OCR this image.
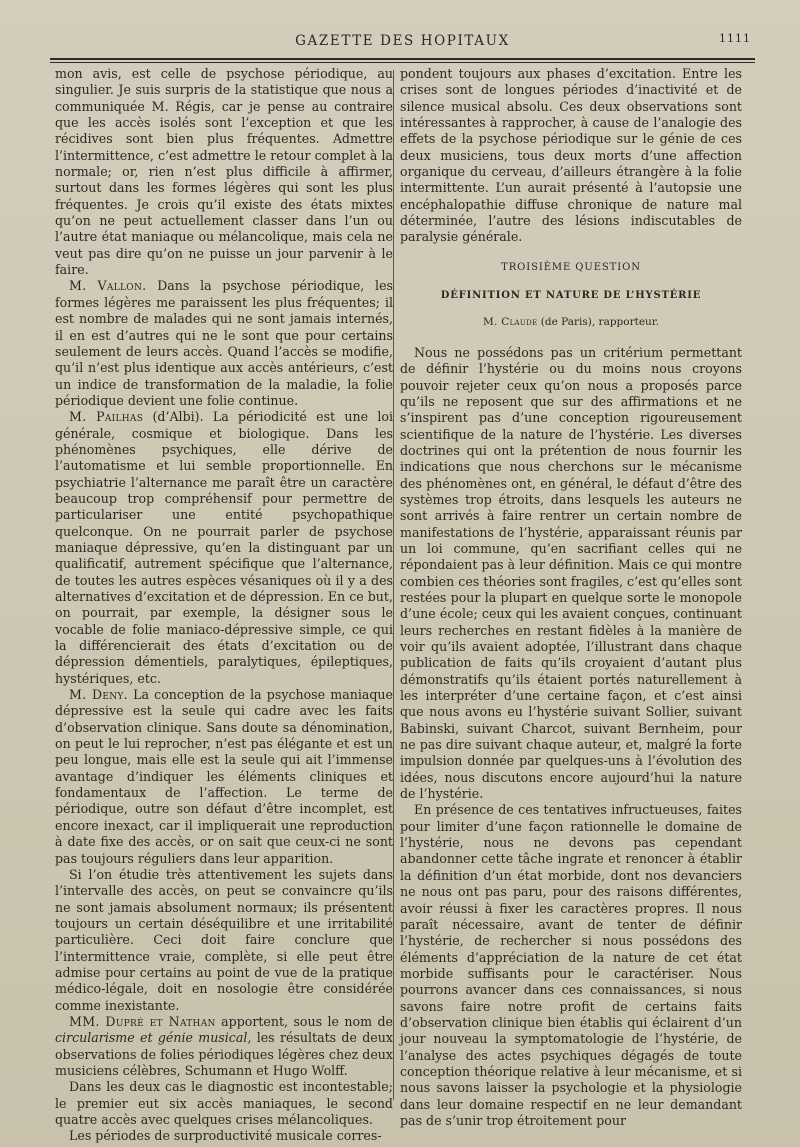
GAZETTE DES HOPITAUX	1111

mon avis, est celle de psychose périodique, au singulier. Je suis surpris de la statistique que nous a communiquée M. Régis, car je pense au contraire que les accès isolés sont l’exception et que les récidives sont bien plus fréquentes. Admettre l’intermittence, c’est admettre le retour complet à la normale; or, rien n’est plus difficile à affirmer, surtout dans les formes légères qui sont les plus fréquentes. Je crois qu’il existe des états mixtes qu’on ne peut actuellement classer dans l’un ou l’autre état maniaque ou mélancolique, mais cela ne veut pas dire qu’on ne puisse un jour parvenir à le faire.

M. Vallon. Dans la psychose périodique, les formes légères me paraissent les plus fréquentes; il est nombre de malades qui ne sont jamais internés, il en est d’autres qui ne le sont que pour certains seulement de leurs accès. Quand l’accès se modifie, qu’il n’est plus identique aux accès antérieurs, c’est un indice de transformation de la maladie, la folie périodique devient une folie continue.

M. Pailhas (d’Albi). La périodicité est une loi générale, cosmique et biologique. Dans les phénomènes psychiques, elle dérive de l’automatisme et lui semble proportionnelle. En psychiatrie l’alternance me paraît être un caractère beaucoup trop compréhensif pour permettre de particulariser une entité psychopathique quelconque. On ne pourrait parler de psychose maniaque dépressive, qu’en la distinguant par un qualificatif, autrement spécifique que l’alternance, de toutes les autres espèces vésaniques où il y a des alternatives d’excitation et de dépression. En ce but, on pourrait, par exemple, la désigner sous le vocable de folie maniaco-dépressive simple, ce qui la différencierait des états d’excitation ou de dépression démentiels, paralytiques, épileptiques, hystériques, etc.

M. Deny. La conception de la psychose maniaque dépressive est la seule qui cadre avec les faits d’observation clinique. Sans doute sa dénomination, on peut le lui reprocher, n’est pas élégante et est un peu longue, mais elle est la seule qui ait l’immense avantage d’indiquer les éléments cliniques et fondamentaux de l’affection. Le terme de périodique, outre son défaut d’être incomplet, est encore inexact, car il impliquerait une reproduction à date fixe des accès, or on sait que ceux-ci ne sont pas toujours réguliers dans leur apparition.

Si l’on étudie très attentivement les sujets dans l’intervalle des accès, on peut se convaincre qu’ils ne sont jamais absolument normaux; ils présentent toujours un certain déséquilibre et une irritabilité particulière. Ceci doit faire conclure que l’intermittence vraie, complète, si elle peut être admise pour certains au point de vue de la pratique médico-légale, doit en nosologie être considérée comme inexistante.

MM. Dupré et Nathan apportent, sous le nom de circularisme et génie musical, les résultats de deux observations de folies périodiques légères chez deux musiciens célèbres, Schumann et Hugo Wolff.

Dans les deux cas le diagnostic est incontestable; le premier eut six accès maniaques, le second quatre accès avec quelques crises mélancoliques.

Les périodes de surproductivité musicale corres-

pondent toujours aux phases d’excitation. Entre les crises sont de longues périodes d’inactivité et de silence musical absolu. Ces deux observations sont intéressantes à rapprocher, à cause de l’analogie des effets de la psychose périodique sur le génie de ces deux musiciens, tous deux morts d’une affection organique du cerveau, d’ailleurs étrangère à la folie intermittente. L’un aurait présenté à l’autopsie une encéphalopathie diffuse chronique de nature mal déterminée, l’autre des lésions indiscutables de paralysie générale.

TROISIÈME QUESTION
DÉFINITION ET NATURE DE L’HYSTÉRIE
M. Claude (de Paris), rapporteur.

Nous ne possédons pas un critérium permettant de définir l’hystérie ou du moins nous croyons pouvoir rejeter ceux qu’on nous a proposés parce qu’ils ne reposent que sur des affirmations et ne s’inspirent pas d’une conception rigoureusement scientifique de la nature de l’hystérie. Les diverses doctrines qui ont la prétention de nous fournir les indications que nous cherchons sur le mécanisme des phénomènes ont, en général, le défaut d’être des systèmes trop étroits, dans lesquels les auteurs ne sont arrivés à faire rentrer un certain nombre de manifestations de l’hystérie, apparaissant réunis par un loi commune, qu’en sacrifiant celles qui ne répondaient pas à leur définition. Mais ce qui montre combien ces théories sont fragiles, c’est qu’elles sont restées pour la plupart en quelque sorte le monopole d’une école; ceux qui les avaient conçues, continuant leurs recherches en restant fidèles à la manière de voir qu’ils avaient adoptée, l’illustrant dans chaque publication de faits qu’ils croyaient d’autant plus démonstratifs qu’ils étaient portés naturellement à les interpréter d’une certaine façon, et c’est ainsi que nous avons eu l’hystérie suivant Sollier, suivant Babinski, suivant Charcot, suivant Bernheim, pour ne pas dire suivant chaque auteur, et, malgré la forte impulsion donnée par quelques-uns à l’évolution des idées, nous discutons encore aujourd’hui la nature de l’hystérie.

En présence de ces tentatives infructueuses, faites pour limiter d’une façon rationnelle le domaine de l’hystérie, nous ne devons pas cependant abandonner cette tâche ingrate et renoncer à établir la définition d’un état morbide, dont nos devanciers ne nous ont pas paru, pour des raisons différentes, avoir réussi à fixer les caractères propres. Il nous paraît nécessaire, avant de tenter de définir l’hystérie, de rechercher si nous possédons des éléments d’appréciation de la nature de cet état morbide suffisants pour le caractériser. Nous pourrons avancer dans ces connaissances, si nous savons faire notre profit de certains faits d’observation clinique bien établis qui éclairent d’un jour nouveau la symptomatologie de l’hystérie, de l’analyse des actes psychiques dégagés de toute conception théorique relative à leur mécanisme, et si nous savons laisser la psychologie et la physiologie dans leur domaine respectif en ne leur demandant pas de s’unir trop étroitement pour
